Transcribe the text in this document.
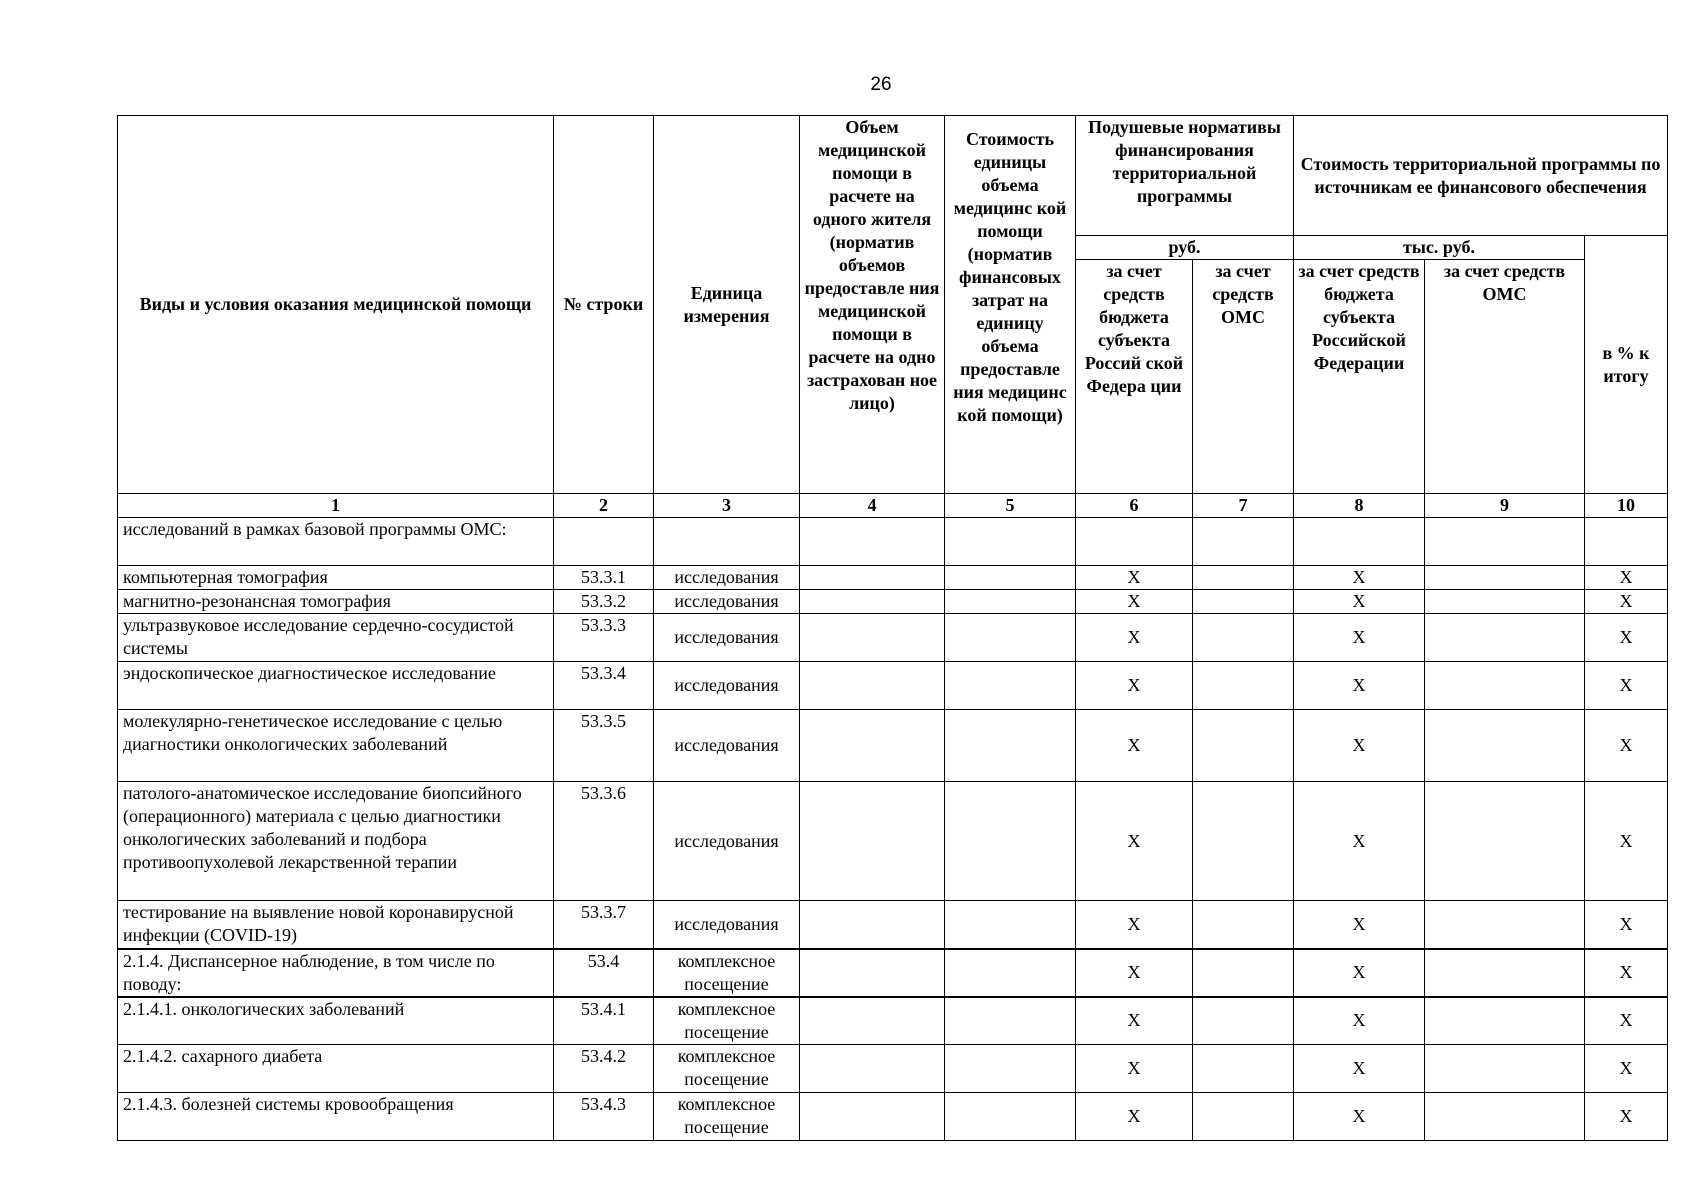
26
Виды и условия оказания медицинской помощи	№ строки	Единица измерения	Объем медицинской помощи в расчете на одного жителя (норматив объемов предоставле ния медицинской помощи в расчете на одно застрахован ное лицо)	Стоимость единицы объема медицинс кой помощи (норматив финансовых затрат на единицу объема предоставле ния медицинс кой помощи)	Подушевые нормативы финансирования территориальной программы		Стоимость территориальной программы по источникам ее финансового обеспечения		
					руб.		тыс. руб.		в % к итогу
					за счет средств бюджета субъекта Россий ской Федера ции	за счет средств ОМС	за счет средств бюджета субъекта Российской Федерации	за счет средств ОМС	
1	2	3	4	5	6	7	8	9	10
исследований в рамках базовой программы ОМС:									
компьютерная томография	53.3.1	исследования			X		X		X
магнитно-резонансная томография	53.3.2	исследования			X		X		X
ультразвуковое исследование сердечно-сосудистой системы	53.3.3	исследования			X		X		X
эндоскопическое диагностическое исследование	53.3.4	исследования			X		X		X
молекулярно-генетическое исследование с целью диагностики онкологических заболеваний	53.3.5	исследования			X		X		X
патолого-анатомическое исследование биопсийного (операционного) материала с целью диагностики онкологических заболеваний и подбора противоопухолевой лекарственной терапии	53.3.6	исследования			X		X		X
тестирование на выявление новой коронавирусной инфекции (COVID-19)	53.3.7	исследования			X		X		X
2.1.4. Диспансерное наблюдение, в том числе по поводу:	53.4	комплексное посещение			X		X		X
2.1.4.1. онкологических заболеваний	53.4.1	комплексное посещение			X		X		X
2.1.4.2. сахарного диабета	53.4.2	комплексное посещение			X		X		X
2.1.4.3. болезней системы кровообращения	53.4.3	комплексное посещение			X		X		X
